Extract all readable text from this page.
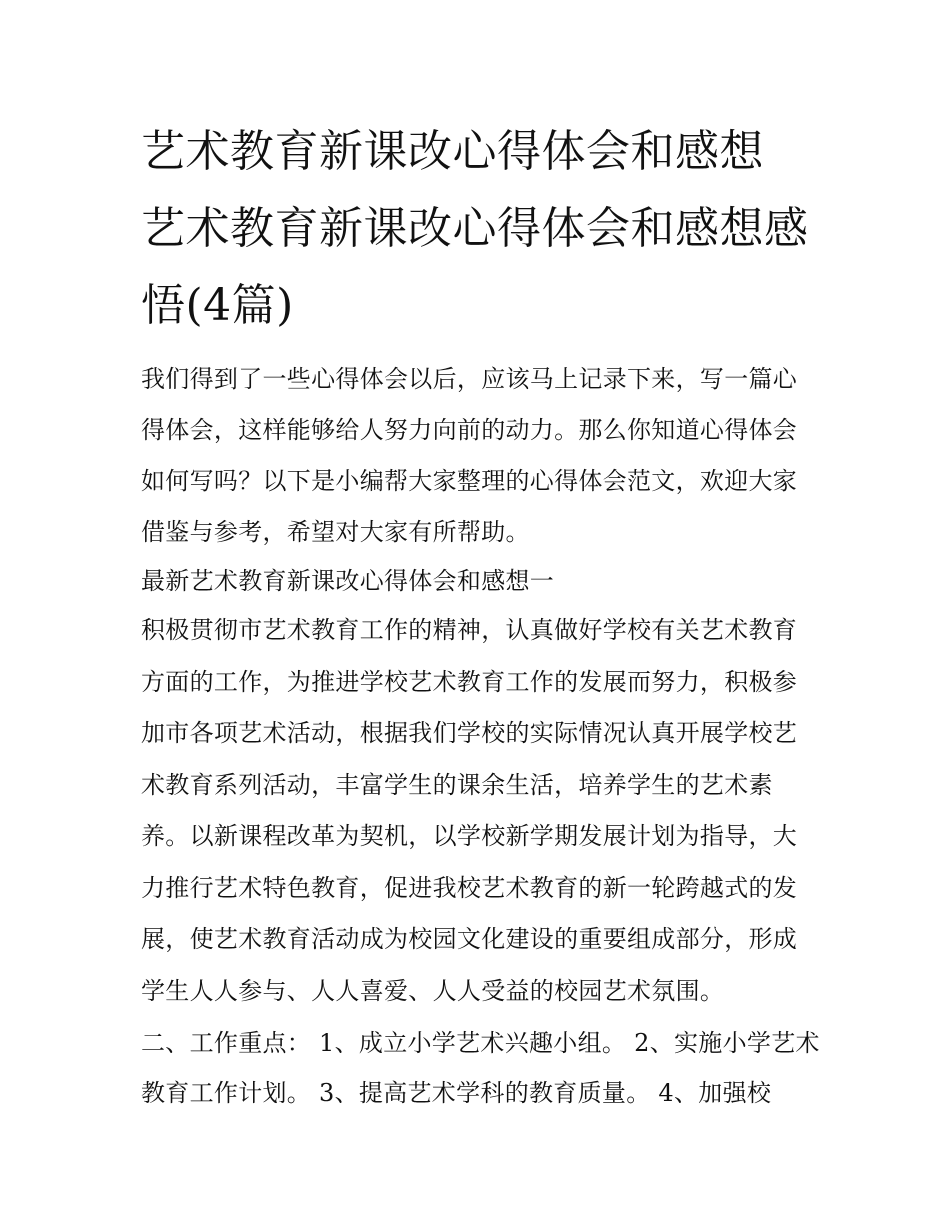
艺术教育新课改心得体会和感想 艺术教育新课改心得体会和感想感悟(4篇)

我们得到了一些心得体会以后，应该马上记录下来，写一篇心得体会，这样能够给人努力向前的动力。那么你知道心得体会如何写吗？以下是小编帮大家整理的心得体会范文，欢迎大家借鉴与参考，希望对大家有所帮助。

最新艺术教育新课改心得体会和感想一

积极贯彻市艺术教育工作的精神，认真做好学校有关艺术教育方面的工作，为推进学校艺术教育工作的发展而努力，积极参加市各项艺术活动，根据我们学校的实际情况认真开展学校艺术教育系列活动，丰富学生的课余生活，培养学生的艺术素养。以新课程改革为契机，以学校新学期发展计划为指导，大力推行艺术特色教育，促进我校艺术教育的新一轮跨越式的发展，使艺术教育活动成为校园文化建设的重要组成部分，形成学生人人参与、人人喜爱、人人受益的校园艺术氛围。

二、工作重点： 1、成立小学艺术兴趣小组。 2、实施小学艺术教育工作计划。 3、提高艺术学科的教育质量。 4、加强校
